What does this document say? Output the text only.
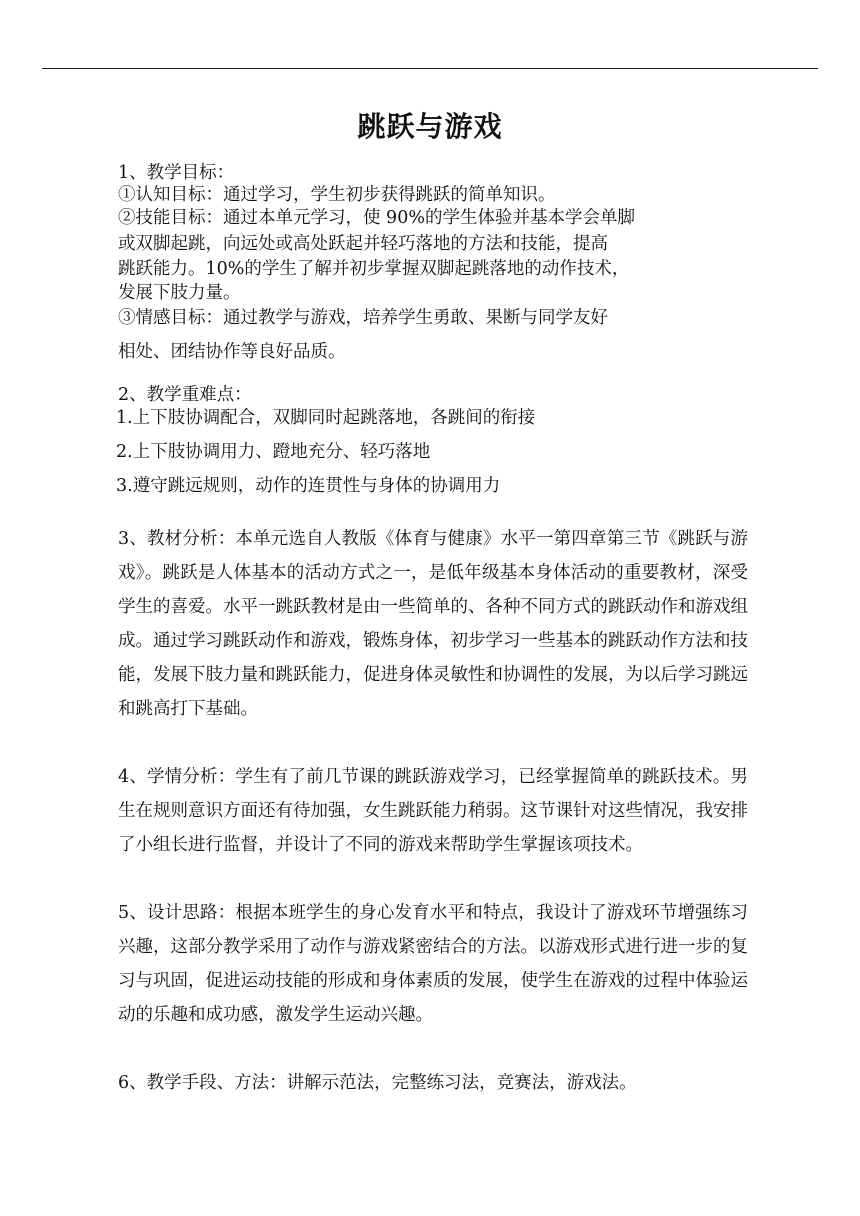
跳跃与游戏
1、教学目标：
①认知目标：通过学习，学生初步获得跳跃的简单知识。
②技能目标：通过本单元学习，使 90%的学生体验并基本学会单脚
或双脚起跳，向远处或高处跃起并轻巧落地的方法和技能，提高
跳跃能力。10%的学生了解并初步掌握双脚起跳落地的动作技术，
发展下肢力量。
③情感目标：通过教学与游戏，培养学生勇敢、果断与同学友好
相处、团结协作等良好品质。
2、教学重难点：
1.上下肢协调配合，双脚同时起跳落地，各跳间的衔接
2.上下肢协调用力、蹬地充分、轻巧落地
3.遵守跳远规则，动作的连贯性与身体的协调用力
3、教材分析：本单元选自人教版《体育与健康》水平一第四章第三节《跳跃与游戏》。跳跃是人体基本的活动方式之一，是低年级基本身体活动的重要教材，深受学生的喜爱。水平一跳跃教材是由一些简单的、各种不同方式的跳跃动作和游戏组成。通过学习跳跃动作和游戏，锻炼身体，初步学习一些基本的跳跃动作方法和技能，发展下肢力量和跳跃能力，促进身体灵敏性和协调性的发展，为以后学习跳远和跳高打下基础。
4、学情分析：学生有了前几节课的跳跃游戏学习，已经掌握简单的跳跃技术。男生在规则意识方面还有待加强，女生跳跃能力稍弱。这节课针对这些情况，我安排了小组长进行监督，并设计了不同的游戏来帮助学生掌握该项技术。
5、设计思路：根据本班学生的身心发育水平和特点，我设计了游戏环节增强练习兴趣，这部分教学采用了动作与游戏紧密结合的方法。以游戏形式进行进一步的复习与巩固，促进运动技能的形成和身体素质的发展，使学生在游戏的过程中体验运动的乐趣和成功感，激发学生运动兴趣。
6、教学手段、方法：讲解示范法，完整练习法，竞赛法，游戏法。
